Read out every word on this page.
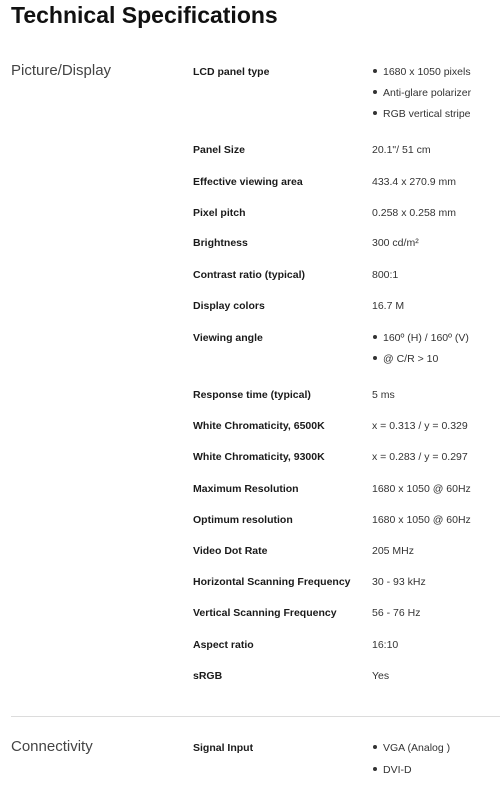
Technical Specifications
Picture/Display	LCD panel type	1680 x 1050 pixels
Anti-glare polarizer
RGB vertical stripe
Panel Size	20.1"/ 51 cm
Effective viewing area	433.4 x 270.9 mm
Pixel pitch	0.258 x 0.258 mm
Brightness	300 cd/m²
Contrast ratio (typical)	800:1
Display colors	16.7 M
Viewing angle	160º (H) / 160º (V)
@ C/R > 10
Response time (typical)	5 ms
White Chromaticity, 6500K	x = 0.313 / y = 0.329
White Chromaticity, 9300K	x = 0.283 / y = 0.297
Maximum Resolution	1680 x 1050 @ 60Hz
Optimum resolution	1680 x 1050 @ 60Hz
Video Dot Rate	205 MHz
Horizontal Scanning Frequency 30 - 93 kHz
Vertical Scanning Frequency	56 - 76 Hz
Aspect ratio	16:10
sRGB	Yes
Connectivity	Signal Input	VGA (Analog )
DVI-D
